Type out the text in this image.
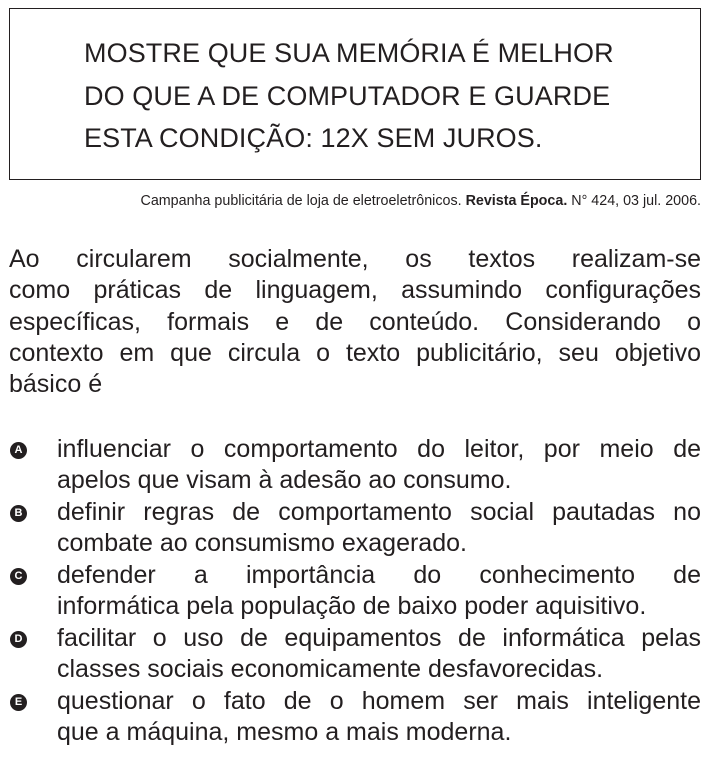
MOSTRE QUE SUA MEMÓRIA É MELHOR
DO QUE A DE COMPUTADOR E GUARDE
ESTA CONDIÇÃO: 12X SEM JUROS.
Campanha publicitária de loja de eletroeletrônicos. Revista Época. N° 424, 03 jul. 2006.
Ao circularem socialmente, os textos realizam-se
como práticas de linguagem, assumindo configurações
específicas, formais e de conteúdo. Considerando o
contexto em que circula o texto publicitário, seu objetivo
básico é
A influenciar o comportamento do leitor, por meio de
apelos que visam à adesão ao consumo.
B definir regras de comportamento social pautadas no
combate ao consumismo exagerado.
C defender a importância do conhecimento de
informática pela população de baixo poder aquisitivo.
D facilitar o uso de equipamentos de informática pelas
classes sociais economicamente desfavorecidas.
E questionar o fato de o homem ser mais inteligente
que a máquina, mesmo a mais moderna.
